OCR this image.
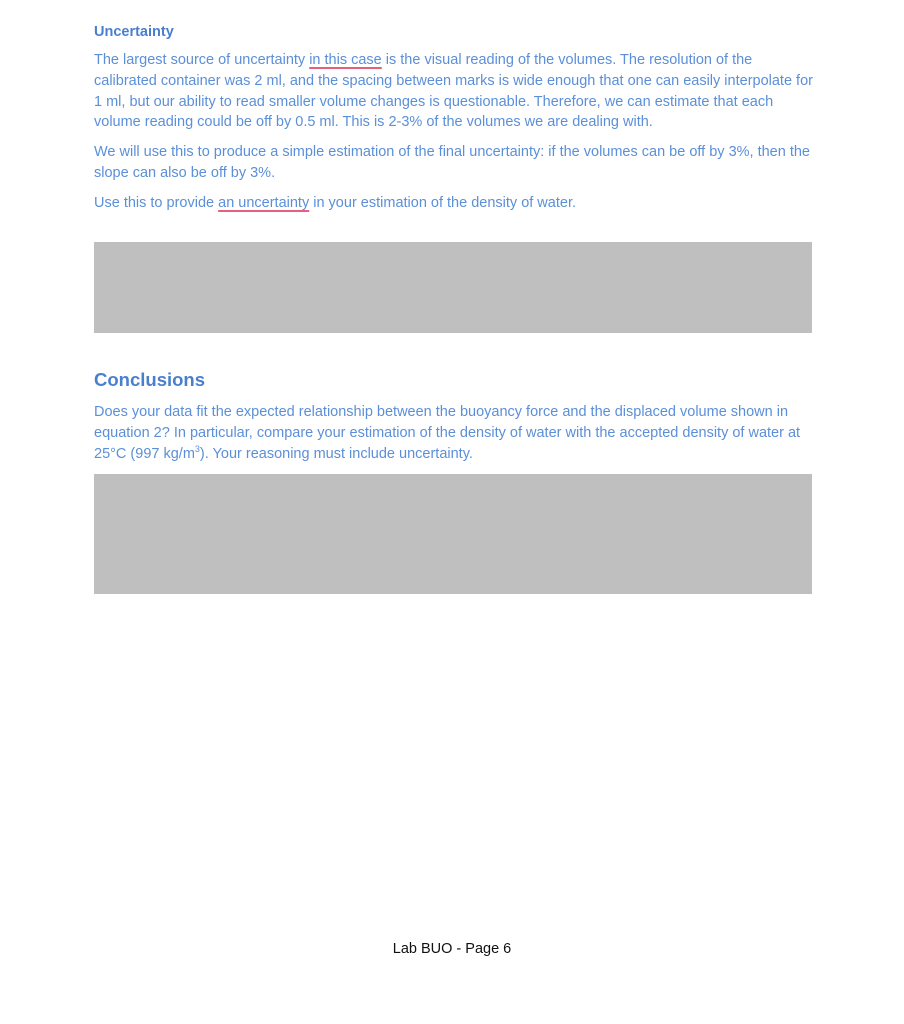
Uncertainty

The largest source of uncertainty in this case is the visual reading of the volumes. The resolution of the calibrated container was 2 ml, and the spacing between marks is wide enough that one can easily interpolate for 1 ml, but our ability to read smaller volume changes is questionable. Therefore, we can estimate that each volume reading could be off by 0.5 ml. This is 2-3% of the volumes we are dealing with.

We will use this to produce a simple estimation of the final uncertainty: if the volumes can be off by 3%, then the slope can also be off by 3%.

Use this to provide an uncertainty in your estimation of the density of water.

Conclusions

Does your data fit the expected relationship between the buoyancy force and the displaced volume shown in equation 2? In particular, compare your estimation of the density of water with the accepted density of water at 25°C (997 $kg/m^3$). Your reasoning must include uncertainty.

Lab BUO - Page 6
